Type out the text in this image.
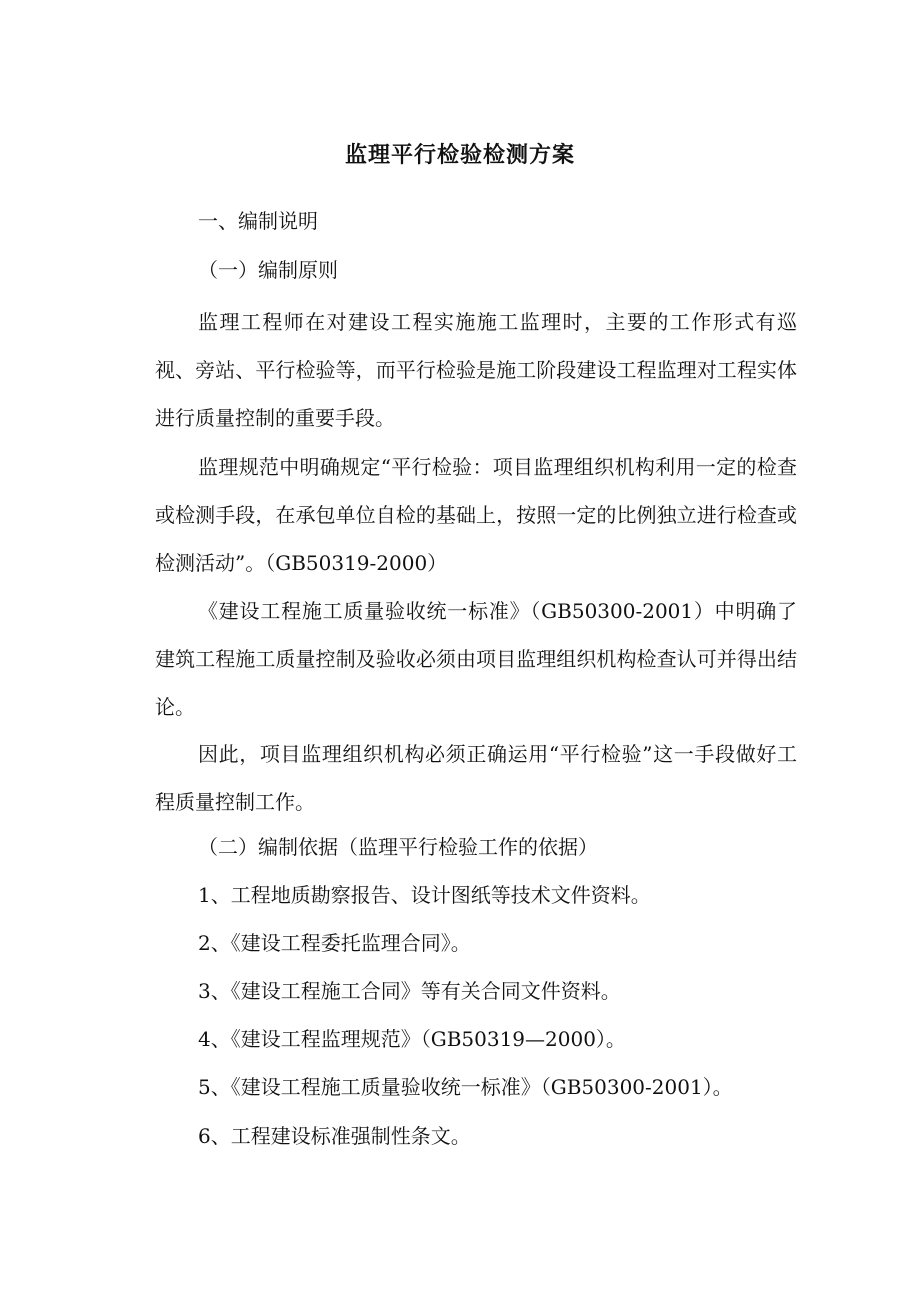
监理平行检验检测方案

一、编制说明

（一）编制原则

监理工程师在对建设工程实施施工监理时，主要的工作形式有巡视、旁站、平行检验等，而平行检验是施工阶段建设工程监理对工程实体进行质量控制的重要手段。

监理规范中明确规定“平行检验：项目监理组织机构利用一定的检查或检测手段，在承包单位自检的基础上，按照一定的比例独立进行检查或检测活动”。（GB50319-2000）

《建设工程施工质量验收统一标准》（GB50300-2001）中明确了建筑工程施工质量控制及验收必须由项目监理组织机构检查认可并得出结论。

因此，项目监理组织机构必须正确运用“平行检验”这一手段做好工程质量控制工作。

（二）编制依据（监理平行检验工作的依据）

1、工程地质勘察报告、设计图纸等技术文件资料。

2、《建设工程委托监理合同》。

3、《建设工程施工合同》等有关合同文件资料。

4、《建设工程监理规范》（GB50319—2000）。

5、《建设工程施工质量验收统一标准》（GB50300-2001）。

6、工程建设标准强制性条文。
